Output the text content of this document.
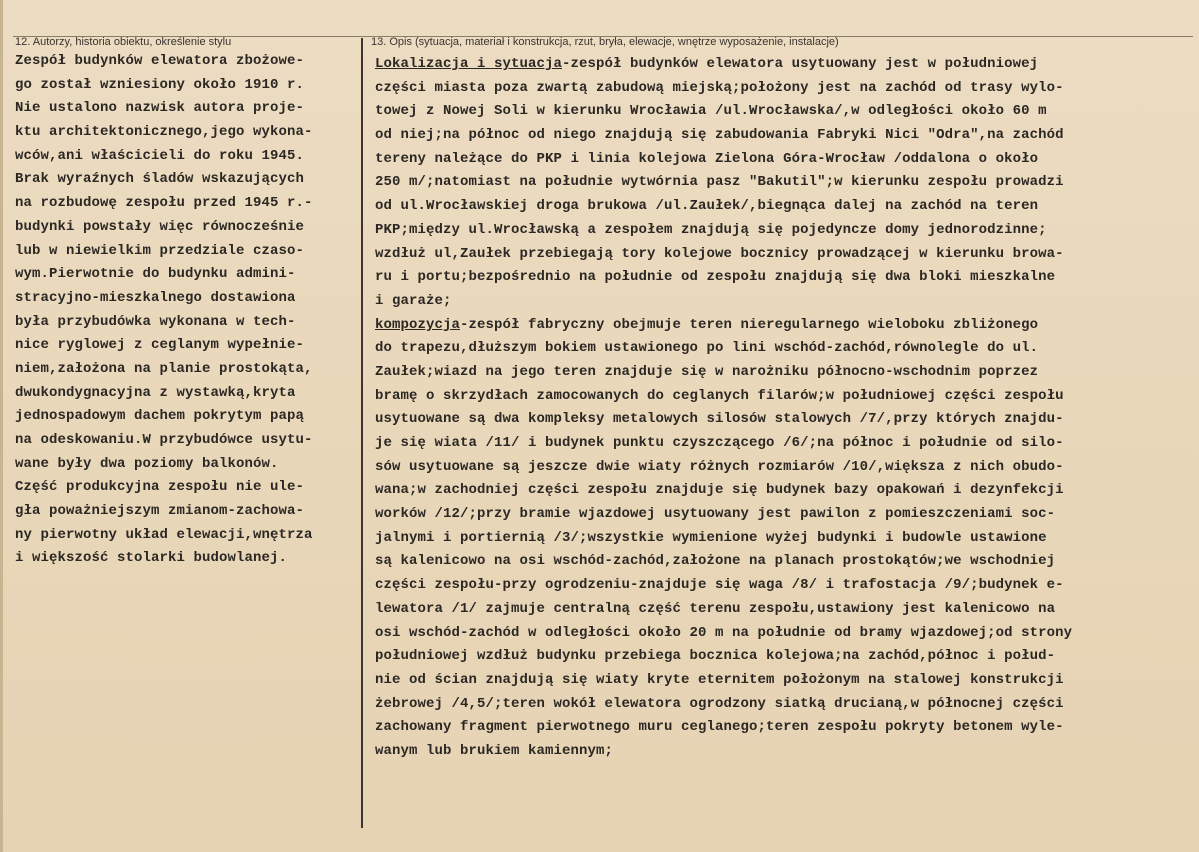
12. Autorzy, historia obiektu, określenie stylu	13. Opis (sytuacja, materiał i konstrukcja, rzut, bryła, elewacje, wnętrze wyposażenie, instalacje)
Zespół budynków elewatora zbożowe-
go został wzniesiony około 1910 r.
Nie ustalono nazwisk autora proje-
ktu architektonicznego,jego wykona-
wców,ani właścicieli do roku 1945.
Brak wyraźnych śladów wskazujących
na rozbudowę zespołu przed 1945 r.-
budynki powstały więc równocześnie
lub w niewielkim przedziale czaso-
wym.Pierwotnie do budynku admini-
stracyjno-mieszkalnego dostawiona
była przybudówka wykonana w tech-
nice ryglowej z ceglanym wypełnie-
niem,założona na planie prostokąta,
dwukondygnacyjna z wystawką,kryta
jednospadowym dachem pokrytym papą
na odeskowaniu.W przybudówce usytu-
wane były dwa poziomy balkonów.
Część produkcyjna zespołu nie ule-
gła poważniejszym zmianom-zachowa-
ny pierwotny układ elewacji,wnętrza
i większość stolarki budowlanej.
Lokalizacja i sytuacja-zespół budynków elewatora usytuowany jest w południowej
części miasta poza zwartą zabudową miejską;położony jest na zachód od trasy wylo-
towej z Nowej Soli w kierunku Wrocławia /ul.Wrocławska/,w odległości około 60 m
od niej;na północ od niego znajdują się zabudowania Fabryki Nici "Odra",na zachód
tereny należące do PKP i linia kolejowa Zielona Góra-Wrocław /oddalona o około
250 m/;natomiast na południe wytwórnia pasz "Bakutil";w kierunku zespołu prowadzi
od ul.Wrocławskiej droga brukowa /ul.Zaułek/,biegnąca dalej na zachód na teren
PKP;między ul.Wrocławską a zespołem znajdują się pojedyncze domy jednorodzinne;
wzdłuż ul,Zaułek przebiegają tory kolejowe bocznicy prowadzącej w kierunku browa-
ru i portu;bezpośrednio na południe od zespołu znajdują się dwa bloki mieszkalne
i garaże;
kompozycja-zespół fabryczny obejmuje teren nieregularnego wieloboku zbliżonego
do trapezu,dłuższym bokiem ustawionego po lini wschód-zachód,równolegle do ul.
Zaułek;wiazd na jego teren znajduje się w narożniku północno-wschodnim poprzez
bramę o skrzydłach zamocowanych do ceglanych filarów;w południowej części zespołu
usytuowane są dwa kompleksy metalowych silosów stalowych /7/,przy których znajdu-
je się wiata /11/ i budynek punktu czyszczącego /6/;na północ i południe od silo-
sów usytuowane są jeszcze dwie wiaty różnych rozmiarów /10/,większa z nich obudo-
wana;w zachodniej części zespołu znajduje się budynek bazy opakowań i dezynfekcji
worków /12/;przy bramie wjazdowej usytuowany jest pawilon z pomieszczeniami soc-
jalnymi i portiernią /3/;wszystkie wymienione wyżej budynki i budowle ustawione
są kalenicowo na osi wschód-zachód,założone na planach prostokątów;we wschodniej
części zespołu-przy ogrodzeniu-znajduje się waga /8/ i trafostacja /9/;budynek e-
lewatora /1/ zajmuje centralną część terenu zespołu,ustawiony jest kalenicowo na
osi wschód-zachód w odległości około 20 m na południe od bramy wjazdowej;od strony
południowej wzdłuż budynku przebiega bocznica kolejowa;na zachód,północ i połud-
nie od ścian znajdują się wiaty kryte eternitem położonym na stalowej konstrukcji
żebrowej /4,5/;teren wokół elewatora ogrodzony siatką drucianą,w północnej części
zachowany fragment pierwotnego muru ceglanego;teren zespołu pokryty betonem wyle-
wanym lub brukiem kamiennym;
